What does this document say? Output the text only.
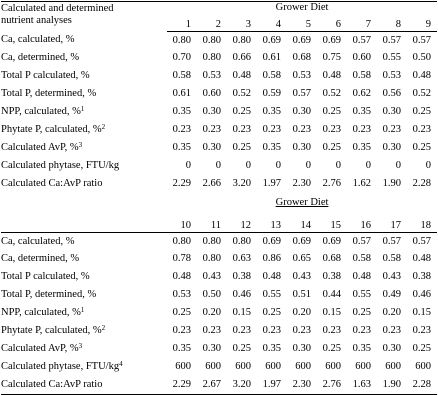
Calculated and determined
nutrient analyses	Grower Diet								
	1	2	3	4	5	6	7	8	9
Ca, calculated, %	0.80	0.80	0.80	0.69	0.69	0.69	0.57	0.57	0.57
Ca, determined, %	0.70	0.80	0.66	0.61	0.68	0.75	0.60	0.55	0.50
Total P calculated, %	0.58	0.53	0.48	0.58	0.53	0.48	0.58	0.53	0.48
Total P, determined, %	0.61	0.60	0.52	0.59	0.57	0.52	0.62	0.56	0.52
NPP, calculated, %$^1$	0.35	0.30	0.25	0.35	0.30	0.25	0.35	0.30	0.25
Phytate P, calculated, %$^2$	0.23	0.23	0.23	0.23	0.23	0.23	0.23	0.23	0.23
Calculated AvP, %$^3$	0.35	0.30	0.25	0.35	0.30	0.25	0.35	0.30	0.25
Calculated phytase, FTU/kg	0	0	0	0	0	0	0	0	0
Calculated Ca:AvP ratio	2.29	2.66	3.20	1.97	2.30	2.76	1.62	1.90	2.28
	Grower Diet								

	10	11	12	13	14	15	16	17	18
Ca, calculated, %	0.80	0.80	0.80	0.69	0.69	0.69	0.57	0.57	0.57
Ca, determined, %	0.78	0.80	0.63	0.86	0.65	0.68	0.58	0.58	0.48
Total P calculated, %	0.48	0.43	0.38	0.48	0.43	0.38	0.48	0.43	0.38
Total P, determined, %	0.53	0.50	0.46	0.55	0.51	0.44	0.55	0.49	0.46
NPP, calculated, %$^1$	0.25	0.20	0.15	0.25	0.20	0.15	0.25	0.20	0.15
Phytate P, calculated, %$^2$	0.23	0.23	0.23	0.23	0.23	0.23	0.23	0.23	0.23
Calculated AvP, %$^3$	0.35	0.30	0.25	0.35	0.30	0.25	0.35	0.30	0.25
Calculated phytase, FTU/$kg^4$	600	600	600	600	600	600	600	600	600
Calculated Ca:AvP ratio	2.29	2.67	3.20	1.97	2.30	2.76	1.63	1.90	2.28
